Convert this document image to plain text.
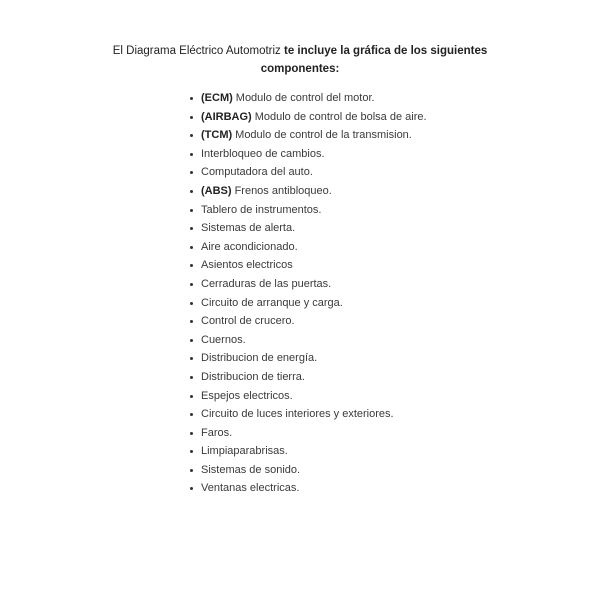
El Diagrama Eléctrico Automotriz te incluye la gráfica de los siguientes componentes:
(ECM) Modulo de control del motor.
(AIRBAG) Modulo de control de bolsa de aire.
(TCM) Modulo de control de la transmision.
Interbloqueo de cambios.
Computadora del auto.
(ABS) Frenos antibloqueo.
Tablero de instrumentos.
Sistemas de alerta.
Aire acondicionado.
Asientos electricos
Cerraduras de las puertas.
Circuito de arranque y carga.
Control de crucero.
Cuernos.
Distribucion de energía.
Distribucion de tierra.
Espejos electricos.
Circuito de luces interiores y exteriores.
Faros.
Limpiaparabrisas.
Sistemas de sonido.
Ventanas electricas.
